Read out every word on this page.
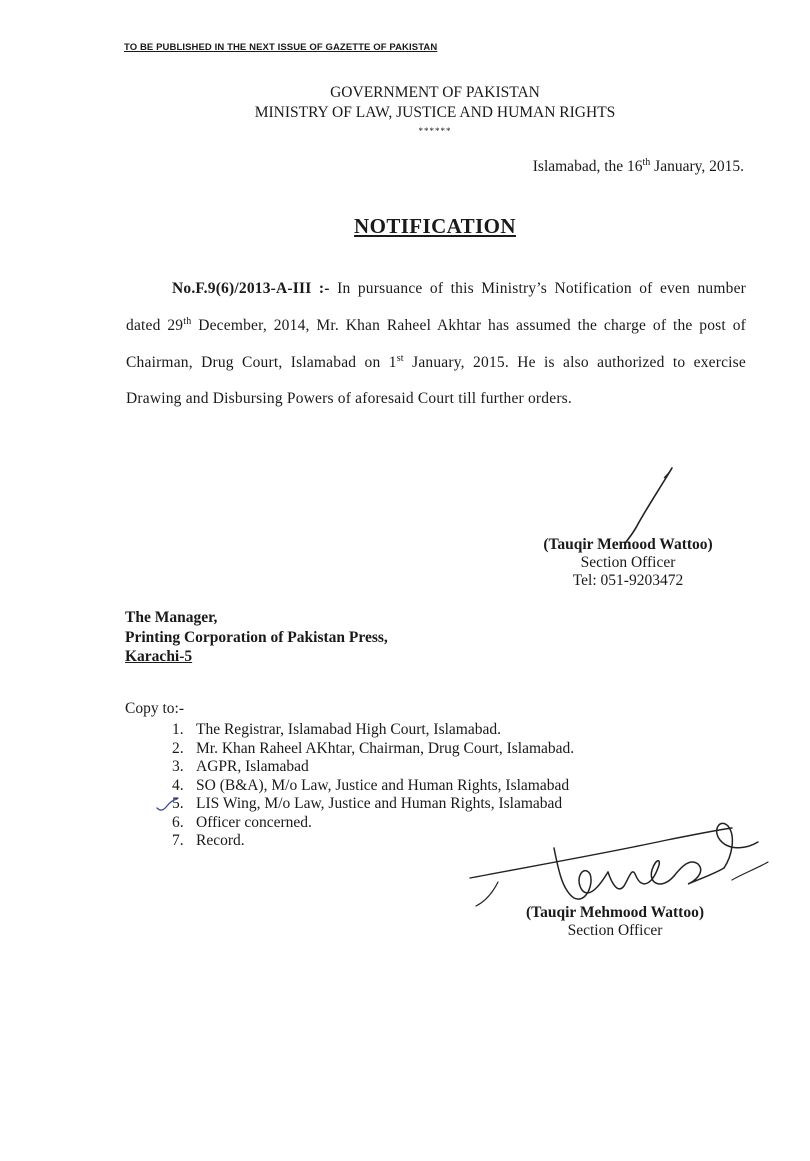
TO BE PUBLISHED IN THE NEXT ISSUE OF GAZETTE OF PAKISTAN
GOVERNMENT OF PAKISTAN
MINISTRY OF LAW, JUSTICE AND HUMAN RIGHTS
******
Islamabad, the 16th January, 2015.
NOTIFICATION
No.F.9(6)/2013-A-III :- In pursuance of this Ministry’s Notification of even number dated 29th December, 2014, Mr. Khan Raheel Akhtar has assumed the charge of the post of Chairman, Drug Court, Islamabad on 1st January, 2015. He is also authorized to exercise Drawing and Disbursing Powers of aforesaid Court till further orders.
(Tauqir Memood Wattoo)
Section Officer
Tel: 051-9203472
The Manager,
Printing Corporation of Pakistan Press,
Karachi-5
Copy to:-
1. The Registrar, Islamabad High Court, Islamabad.
2. Mr. Khan Raheel AKhtar, Chairman, Drug Court, Islamabad.
3. AGPR, Islamabad
4. SO (B&A), M/o Law, Justice and Human Rights, Islamabad
5. LIS Wing, M/o Law, Justice and Human Rights, Islamabad
6. Officer concerned.
7. Record.
(Tauqir Mehmood Wattoo)
Section Officer
